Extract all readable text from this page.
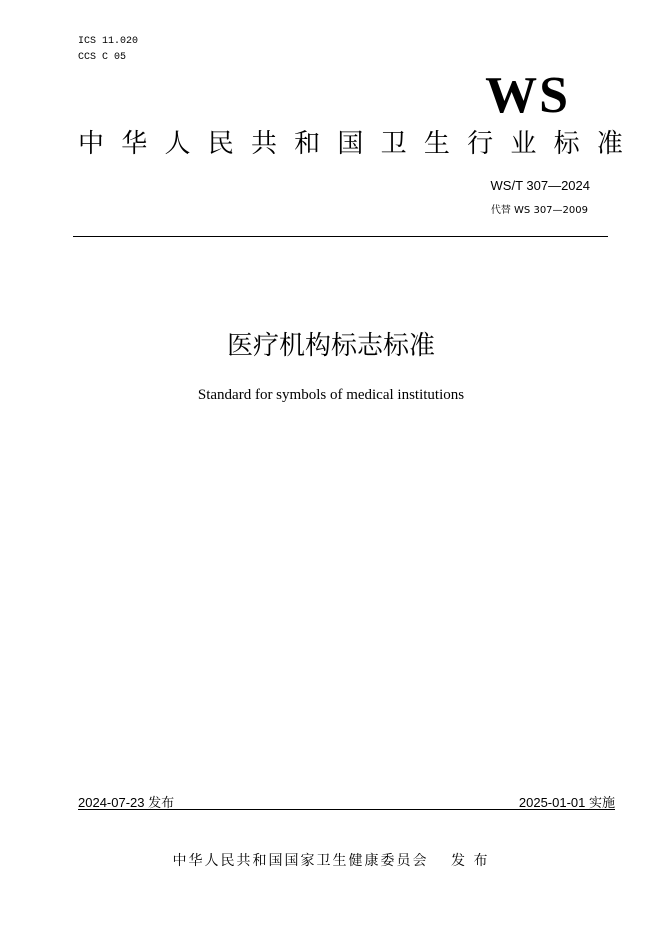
ICS 11.020
CCS C 05
WS
中 华 人 民 共 和 国 卫 生 行 业 标 准
WS/T 307—2024
代替 WS 307—2009
医疗机构标志标准
Standard for symbols of medical institutions
2024-07-23 发布	2025-01-01 实施
中华人民共和国国家卫生健康委员会　 发 布
